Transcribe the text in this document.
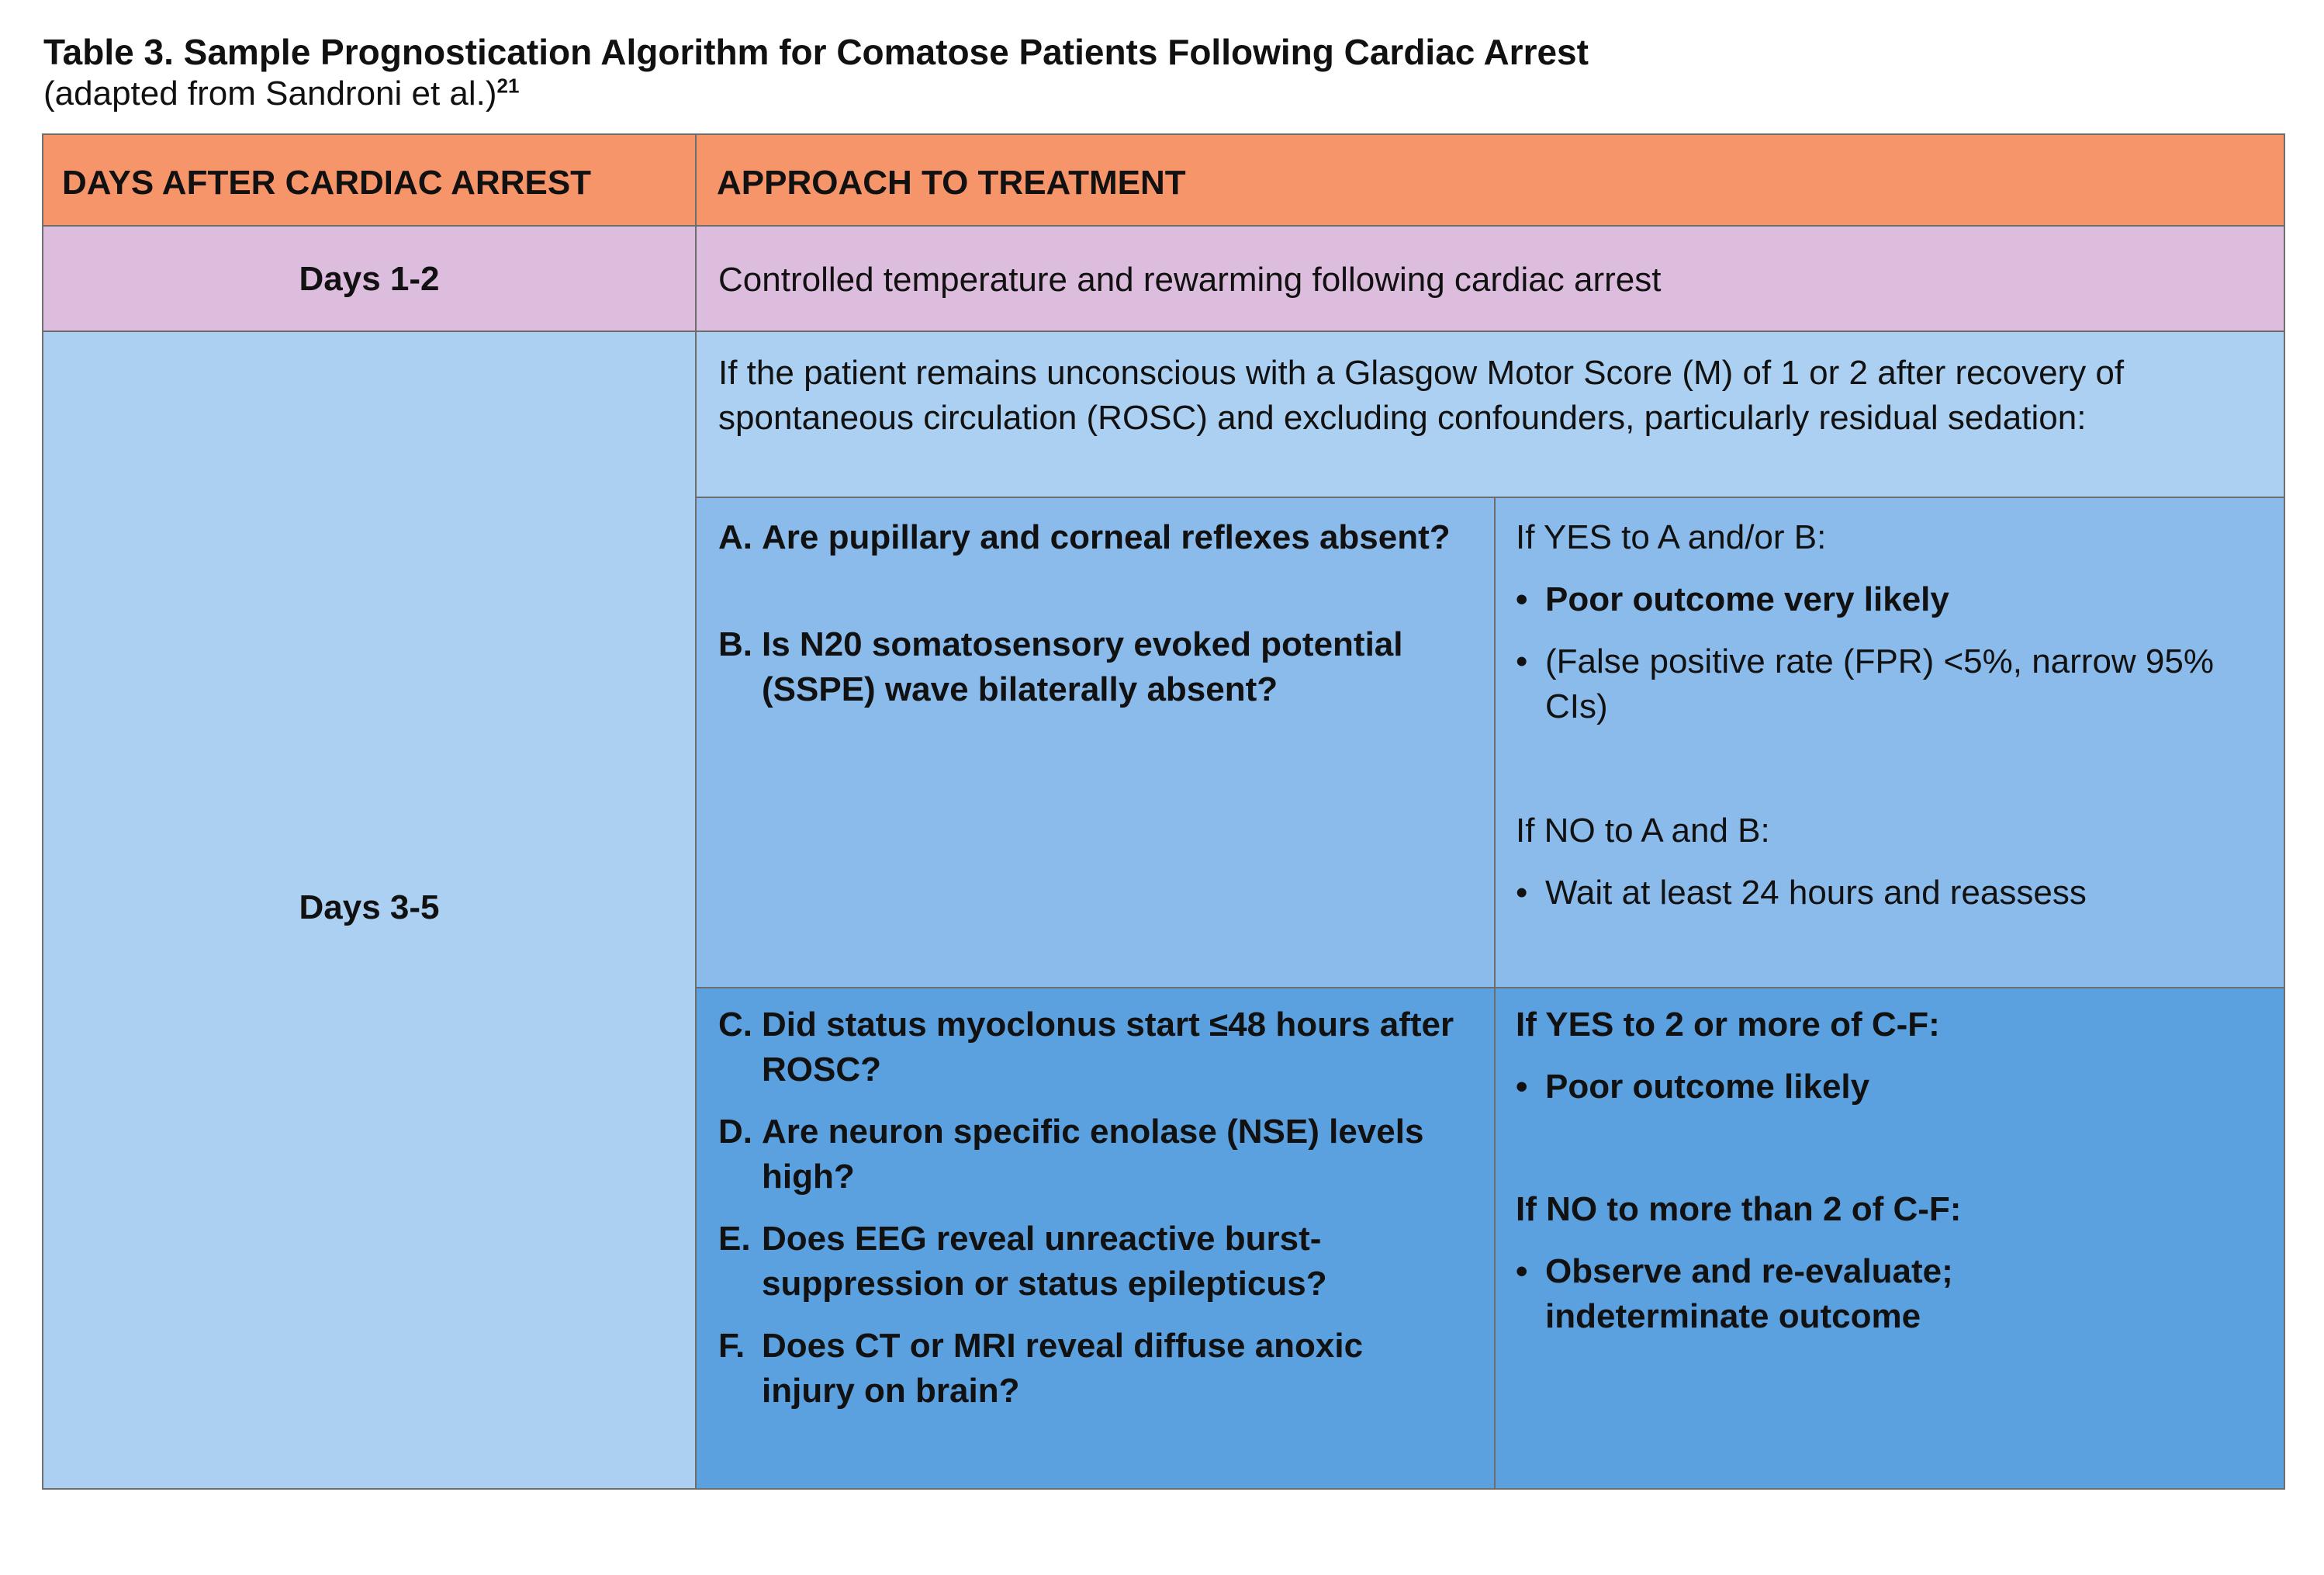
Table 3. Sample Prognostication Algorithm for Comatose Patients Following Cardiac Arrest
(adapted from Sandroni et al.)$^{21}$
DAYS AFTER CARDIAC ARREST	APPROACH TO TREATMENT
Days 1-2	Controlled temperature and rewarming following cardiac arrest
Days 3-5
If the patient remains unconscious with a Glasgow Motor Score (M) of 1 or 2 after recovery of spontaneous circulation (ROSC) and excluding confounders, particularly residual sedation:
A. Are pupillary and corneal reflexes absent?
B. Is N20 somatosensory evoked potential (SSPE) wave bilaterally absent?
If YES to A and/or B:
• Poor outcome very likely
• (False positive rate (FPR) <5%, narrow 95% CIs)
If NO to A and B:
• Wait at least 24 hours and reassess
C. Did status myoclonus start ≤48 hours after ROSC?
D. Are neuron specific enolase (NSE) levels high?
E. Does EEG reveal unreactive burst-suppression or status epilepticus?
F. Does CT or MRI reveal diffuse anoxic injury on brain?
If YES to 2 or more of C-F:
• Poor outcome likely
If NO to more than 2 of C-F:
• Observe and re-evaluate; indeterminate outcome
